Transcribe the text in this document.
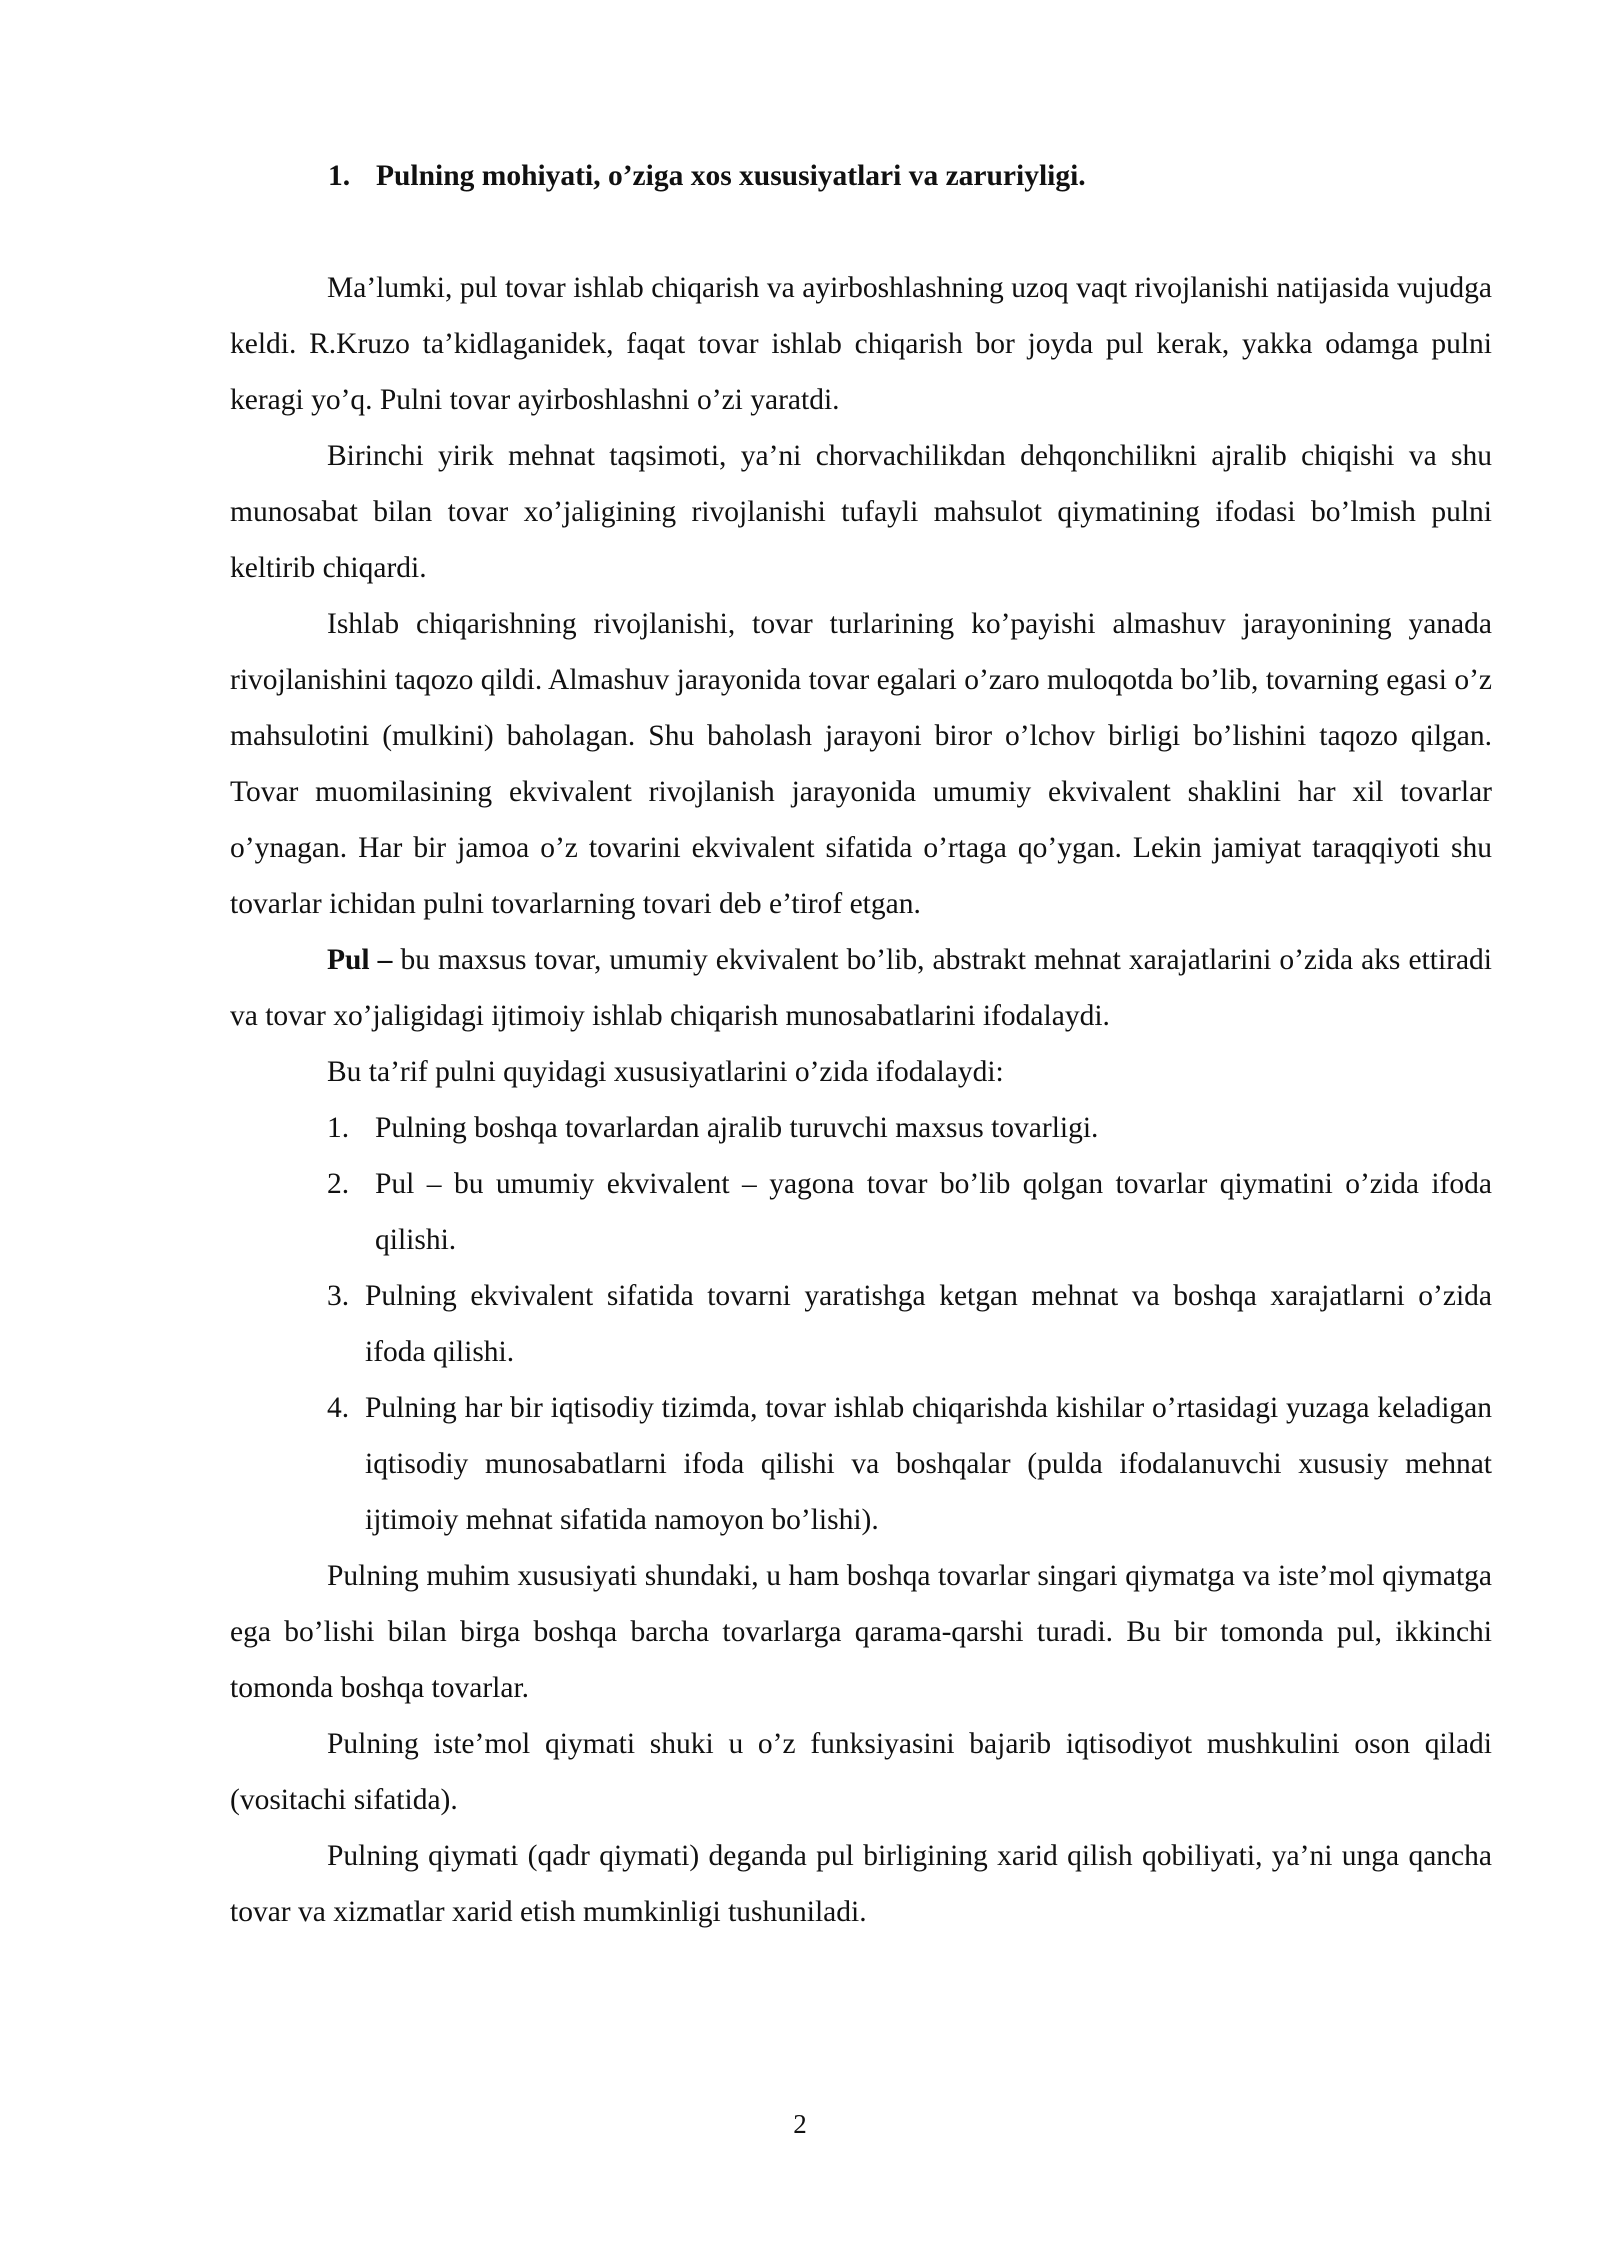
1. Pulning mohiyati, o’ziga xos xususiyatlari va zaruriyligi.

Ma’lumki, pul tovar ishlab chiqarish va ayirboshlashning uzoq vaqt rivojlanishi natijasida vujudga keldi. R.Kruzo ta’kidlaganidek, faqat tovar ishlab chiqarish bor joyda pul kerak, yakka odamga pulni keragi yo’q. Pulni tovar ayirboshlashni o’zi yaratdi.

Birinchi yirik mehnat taqsimoti, ya’ni chorvachilikdan dehqonchilikni ajralib chiqishi va shu munosabat bilan tovar xo’jaligining rivojlanishi tufayli mahsulot qiymatining ifodasi bo’lmish pulni keltirib chiqardi.

Ishlab chiqarishning rivojlanishi, tovar turlarining ko’payishi almashuv jarayonining yanada rivojlanishini taqozo qildi. Almashuv jarayonida tovar egalari o’zaro muloqotda bo’lib, tovarning egasi o’z mahsulotini (mulkini) baholagan. Shu baholash jarayoni biror o’lchov birligi bo’lishini taqozo qilgan. Tovar muomilasining ekvivalent rivojlanish jarayonida umumiy ekvivalent shaklini har xil tovarlar o’ynagan. Har bir jamoa o’z tovarini ekvivalent sifatida o’rtaga qo’ygan. Lekin jamiyat taraqqiyoti shu tovarlar ichidan pulni tovarlarning tovari deb e’tirof etgan.

Pul – bu maxsus tovar, umumiy ekvivalent bo’lib, abstrakt mehnat xarajatlarini o’zida aks ettiradi va tovar xo’jaligidagi ijtimoiy ishlab chiqarish munosabatlarini ifodalaydi.

Bu ta’rif pulni quyidagi xususiyatlarini o’zida ifodalaydi:

1. Pulning boshqa tovarlardan ajralib turuvchi maxsus tovarligi.
2. Pul – bu umumiy ekvivalent – yagona tovar bo’lib qolgan tovarlar qiymatini o’zida ifoda qilishi.
3. Pulning ekvivalent sifatida tovarni yaratishga ketgan mehnat va boshqa xarajatlarni o’zida ifoda qilishi.
4. Pulning har bir iqtisodiy tizimda, tovar ishlab chiqarishda kishilar o’rtasidagi yuzaga keladigan iqtisodiy munosabatlarni ifoda qilishi va boshqalar (pulda ifodalanuvchi xususiy mehnat ijtimoiy mehnat sifatida namoyon bo’lishi).

Pulning muhim xususiyati shundaki, u ham boshqa tovarlar singari qiymatga va iste’mol qiymatga ega bo’lishi bilan birga boshqa barcha tovarlarga qarama-qarshi turadi. Bu bir tomonda pul, ikkinchi tomonda boshqa tovarlar.

Pulning iste’mol qiymati shuki u o’z funksiyasini bajarib iqtisodiyot mushkulini oson qiladi (vositachi sifatida).

Pulning qiymati (qadr qiymati) deganda pul birligining xarid qilish qobiliyati, ya’ni unga qancha tovar va xizmatlar xarid etish mumkinligi tushuniladi.

2
